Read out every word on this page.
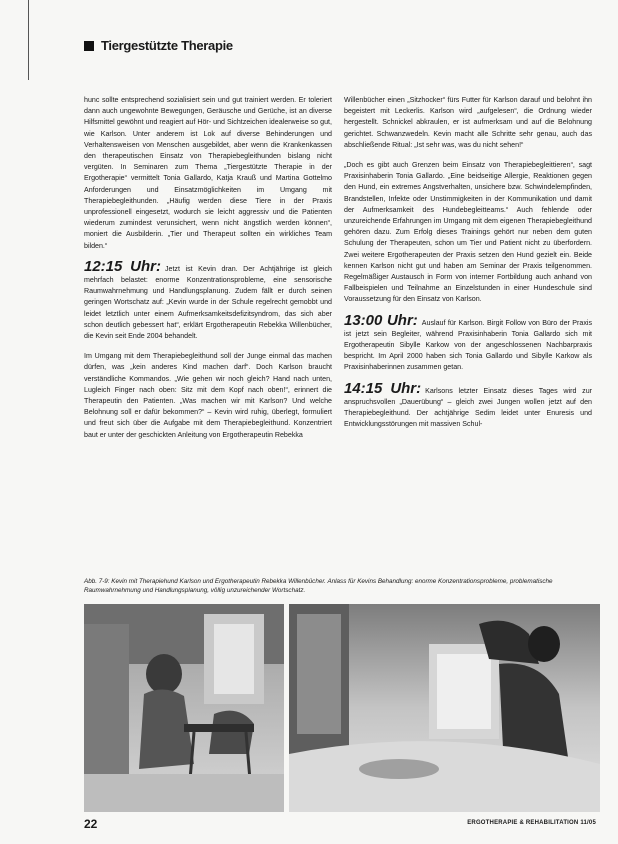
Tiergestützte Therapie

hunc sollte entsprechend sozialisiert sein und gut trainiert werden. Er toleriert dann auch ungewohnte Bewegungen, Geräusche und Gerüche, ist an diverse Hilfsmittel gewöhnt und reagiert auf Hör- und Sichtzeichen idealerweise so gut, wie Karlson. Unter anderem ist Lok auf diverse Behinderungen und Verhaltensweisen von Menschen ausgebildet, aber wenn die Krankenkassen den therapeutischen Einsatz von Therapiebegleithunden bislang nicht vergüten. In Seminaren zum Thema „Tiergestützte Therapie in der Ergotherapie“ vermittelt Tonia Gallardo, Katja Krauß und Martina Gottelmo Anforderungen und Einsatzmöglichkeiten im Umgang mit Therapiebegleithunden. „Häufig werden diese Tiere in der Praxis unprofessionell eingesetzt, wodurch sie leicht aggressiv und die Patienten wiederum zumindest verunsichert, wenn nicht ängstlich werden können“, moniert die Ausbilderin. „Tier und Therapeut sollten ein wirkliches Team bilden.“

12:15 Uhr: Jetzt ist Kevin dran. Der Achtjährige ist gleich mehrfach belastet: enorme Konzentrationsprobleme, eine sensorische Raumwahrnehmung und Handlungsplanung. Zudem fällt er durch seinen geringen Wortschatz auf: „Kevin wurde in der Schule regelrecht gemobbt und leidet letztlich unter einem Aufmerksamkeitsdefizitsyndrom, das sich aber schon deutlich gebessert hat“, erklärt Ergotherapeutin Rebekka Willenbücher, die Kevin seit Ende 2004 behandelt.

Im Umgang mit dem Therapiebegleithund soll der Junge einmal das machen dürfen, was „kein anderes Kind machen darf“. Doch Karlson braucht verständliche Kommandos. „Wie gehen wir noch gleich? Hand nach unten, Lugleich Finger nach oben: Sitz mit dem Kopf nach oben!“, erinnert die Therapeutin den Patienten. „Was machen wir mit Karlson? Und welche Belohnung soll er dafür bekommen?“ – Kevin wird ruhig, überlegt, formuliert und freut sich über die Aufgabe mit dem Therapiebegleithund. Konzentriert baut er unter der geschickten Anleitung von Ergotherapeutin Rebekka

Willenbücher einen „Sitzhocker“ fürs Futter für Karlson darauf und belohnt ihn begeistert mit Leckerlis. Karlson wird „aufgelesen“, die Ordnung wieder hergestellt. Schnickel abkraulen, er ist aufmerksam und auf die Belohnung gerichtet. Schwanzwedeln. Kevin macht alle Schritte sehr genau, auch das abschließende Ritual: „Ist sehr was, was du nicht sehen!“

„Doch es gibt auch Grenzen beim Einsatz von Therapiebegleittieren“, sagt Praxisinhaberin Tonia Gallardo. „Eine beidseitige Allergie, Reaktionen gegen den Hund, ein extremes Angstverhalten, unsichere bzw. Schwindelempfinden, Brandstellen, Infekte oder Unstimmigkeiten in der Kommunikation und damit der Aufmerksamkeit des Hundebegleitteams.“ Auch fehlende oder unzureichende Erfahrungen im Umgang mit dem eigenen Therapiebegleithund gehören dazu. Zum Erfolg dieses Trainings gehört nur neben dem guten Schulung der Therapeuten, schon um Tier und Patient nicht zu überfordern. Zwei weitere Ergotherapeuten der Praxis setzen den Hund gezielt ein. Beide kennen Karlson nicht gut und haben am Seminar der Praxis teilgenommen. Regelmäßiger Austausch in Form von interner Fortbildung auch anhand von Fallbeispielen und Teilnahme an Einzelstunden in einer Hundeschule sind Voraussetzung für den Einsatz von Karlson.

13:00 Uhr: Auslauf für Karlson. Birgit Follow von Büro der Praxis ist jetzt sein Begleiter, während Praxisinhaberin Tonia Gallardo sich mit Ergotherapeutin Sibylle Karkow von der angeschlossenen Nachbarpraxis bespricht. Im April 2000 haben sich Tonia Gallardo und Sibylle Karkow als Praxisinhaberinnen zusammen getan.

14:15 Uhr: Karlsons letzter Einsatz dieses Tages wird zur anspruchsvollen „Dauerübung“ – gleich zwei Jungen wollen jetzt auf den Therapiebegleithund. Der achtjährige Sedim leidet unter Enuresis und Entwicklungsstörungen mit massiven Schul-

Abb. 7-9: Kevin mit Therapiehund Karlson und Ergotherapeutin Rebekka Willenbücher. Anlass für Kevins Behandlung: enorme Konzentrationsprobleme, problematische Raumwahrnehmung und Handlungsplanung, völlig unzureichender Wortschatz.
22	ERGOTHERAPIE & REHABILITATION 11/05
